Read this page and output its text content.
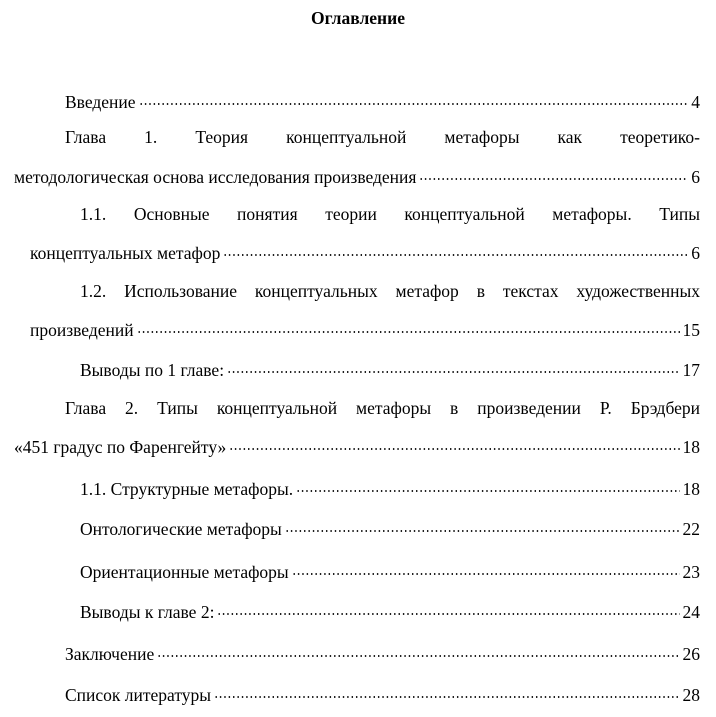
Оглавление
Введение	4
Глава 1. Теория концептуальной метафоры как теоретико-
методологическая основа исследования произведения	6
1.1. Основные понятия теории концептуальной метафоры. Типы
концептуальных метафор	6
1.2. Использование концептуальных метафор в текстах художественных
произведений	15
Выводы по 1 главе:	17
Глава 2. Типы концептуальной метафоры в произведении Р. Брэдбери
«451 градус по Фаренгейту»	18
1.1. Структурные метафоры.	18
Онтологические метафоры	22
Ориентационные метафоры	23
Выводы к главе 2:	24
Заключение	26
Список литературы	28
